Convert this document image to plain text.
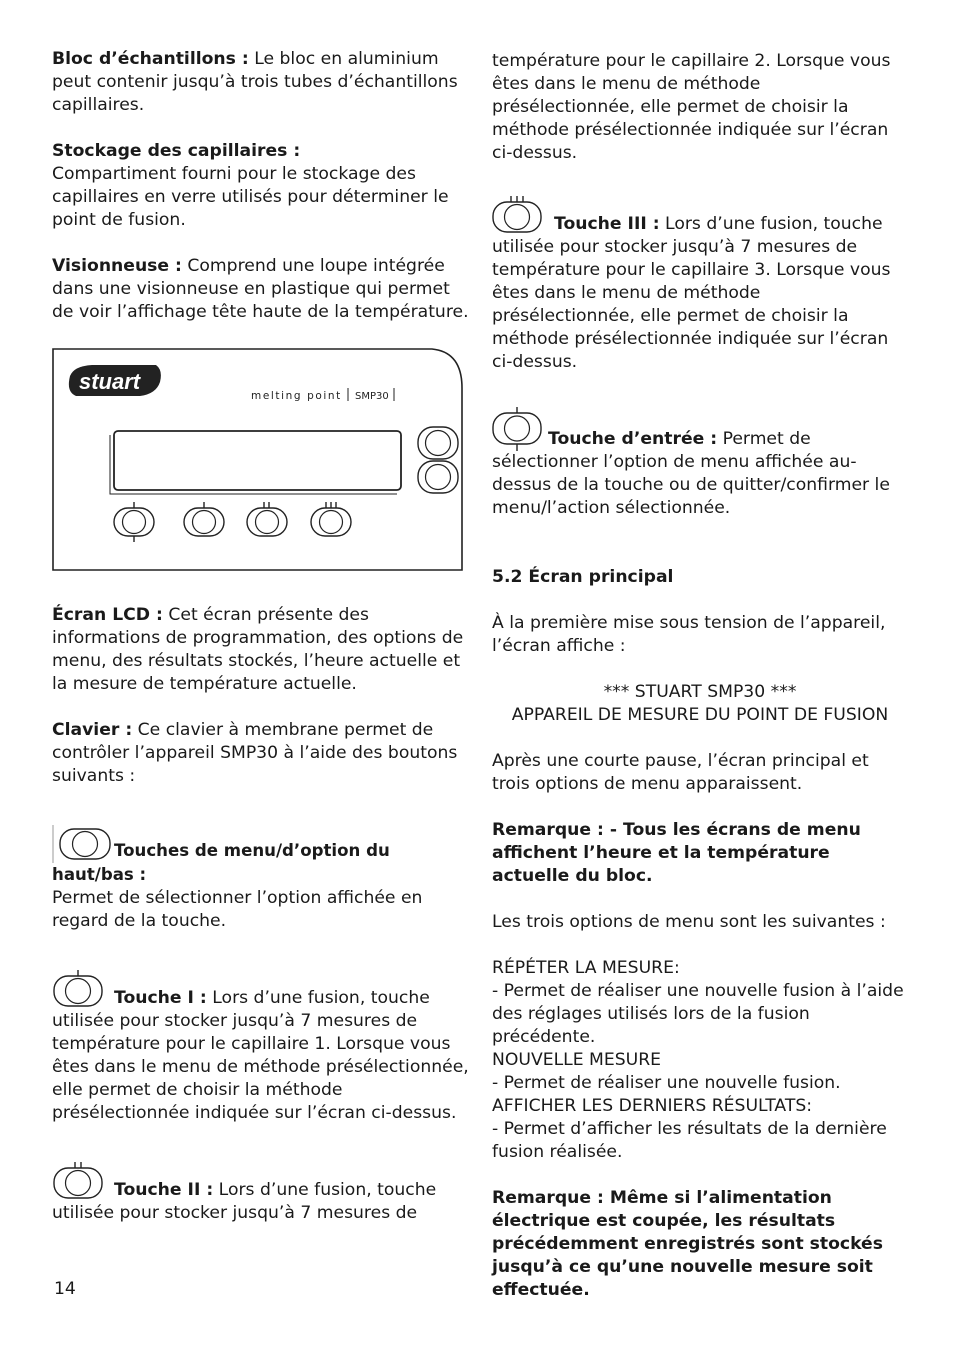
Bloc d’échantillons : Le bloc en aluminium peut contenir jusqu’à trois tubes d’échantillons capillaires.

Stockage des capillaires :
Compartiment fourni pour le stockage des capillaires en verre utilisés pour déterminer le point de fusion.

Visionneuse : Comprend une loupe intégrée dans une visionneuse en plastique qui permet de voir l’affichage tête haute de la température.

stuart
melting point SMP30

Écran LCD : Cet écran présente des informations de programmation, des options de menu, des résultats stockés, l’heure actuelle et la mesure de température actuelle.

Clavier : Ce clavier à membrane permet de contrôler l’appareil SMP30 à l’aide des boutons suivants :

Touches de menu/d’option du haut/bas :
Permet de sélectionner l’option affichée en regard de la touche.

Touche I : Lors d’une fusion, touche utilisée pour stocker jusqu’à 7 mesures de température pour le capillaire 1. Lorsque vous êtes dans le menu de méthode présélectionnée, elle permet de choisir la méthode présélectionnée indiquée sur l’écran ci-dessus.

Touche II : Lors d’une fusion, touche utilisée pour stocker jusqu’à 7 mesures de

température pour le capillaire 2. Lorsque vous êtes dans le menu de méthode présélectionnée, elle permet de choisir la méthode présélectionnée indiquée sur l’écran ci-dessus.

Touche III : Lors d’une fusion, touche utilisée pour stocker jusqu’à 7 mesures de température pour le capillaire 3. Lorsque vous êtes dans le menu de méthode présélectionnée, elle permet de choisir la méthode présélectionnée indiquée sur l’écran ci-dessus.

Touche d’entrée : Permet de sélectionner l’option de menu affichée au-dessus de la touche ou de quitter/confirmer le menu/l’action sélectionnée.

5.2 Écran principal

À la première mise sous tension de l’appareil, l’écran affiche :

*** STUART SMP30 ***

APPAREIL DE MESURE DU POINT DE FUSION

Après une courte pause, l’écran principal et trois options de menu apparaissent.

Remarque : - Tous les écrans de menu affichent l’heure et la température actuelle du bloc.

Les trois options de menu sont les suivantes :

RÉPÉTER LA MESURE:

- Permet de réaliser une nouvelle fusion à l’aide des réglages utilisés lors de la fusion précédente.

NOUVELLE MESURE

- Permet de réaliser une nouvelle fusion.

AFFICHER LES DERNIERS RÉSULTATS:

- Permet d’afficher les résultats de la dernière fusion réalisée.

Remarque : Même si l’alimentation électrique est coupée, les résultats précédemment enregistrés sont stockés jusqu’à ce qu’une nouvelle mesure soit effectuée.

14
